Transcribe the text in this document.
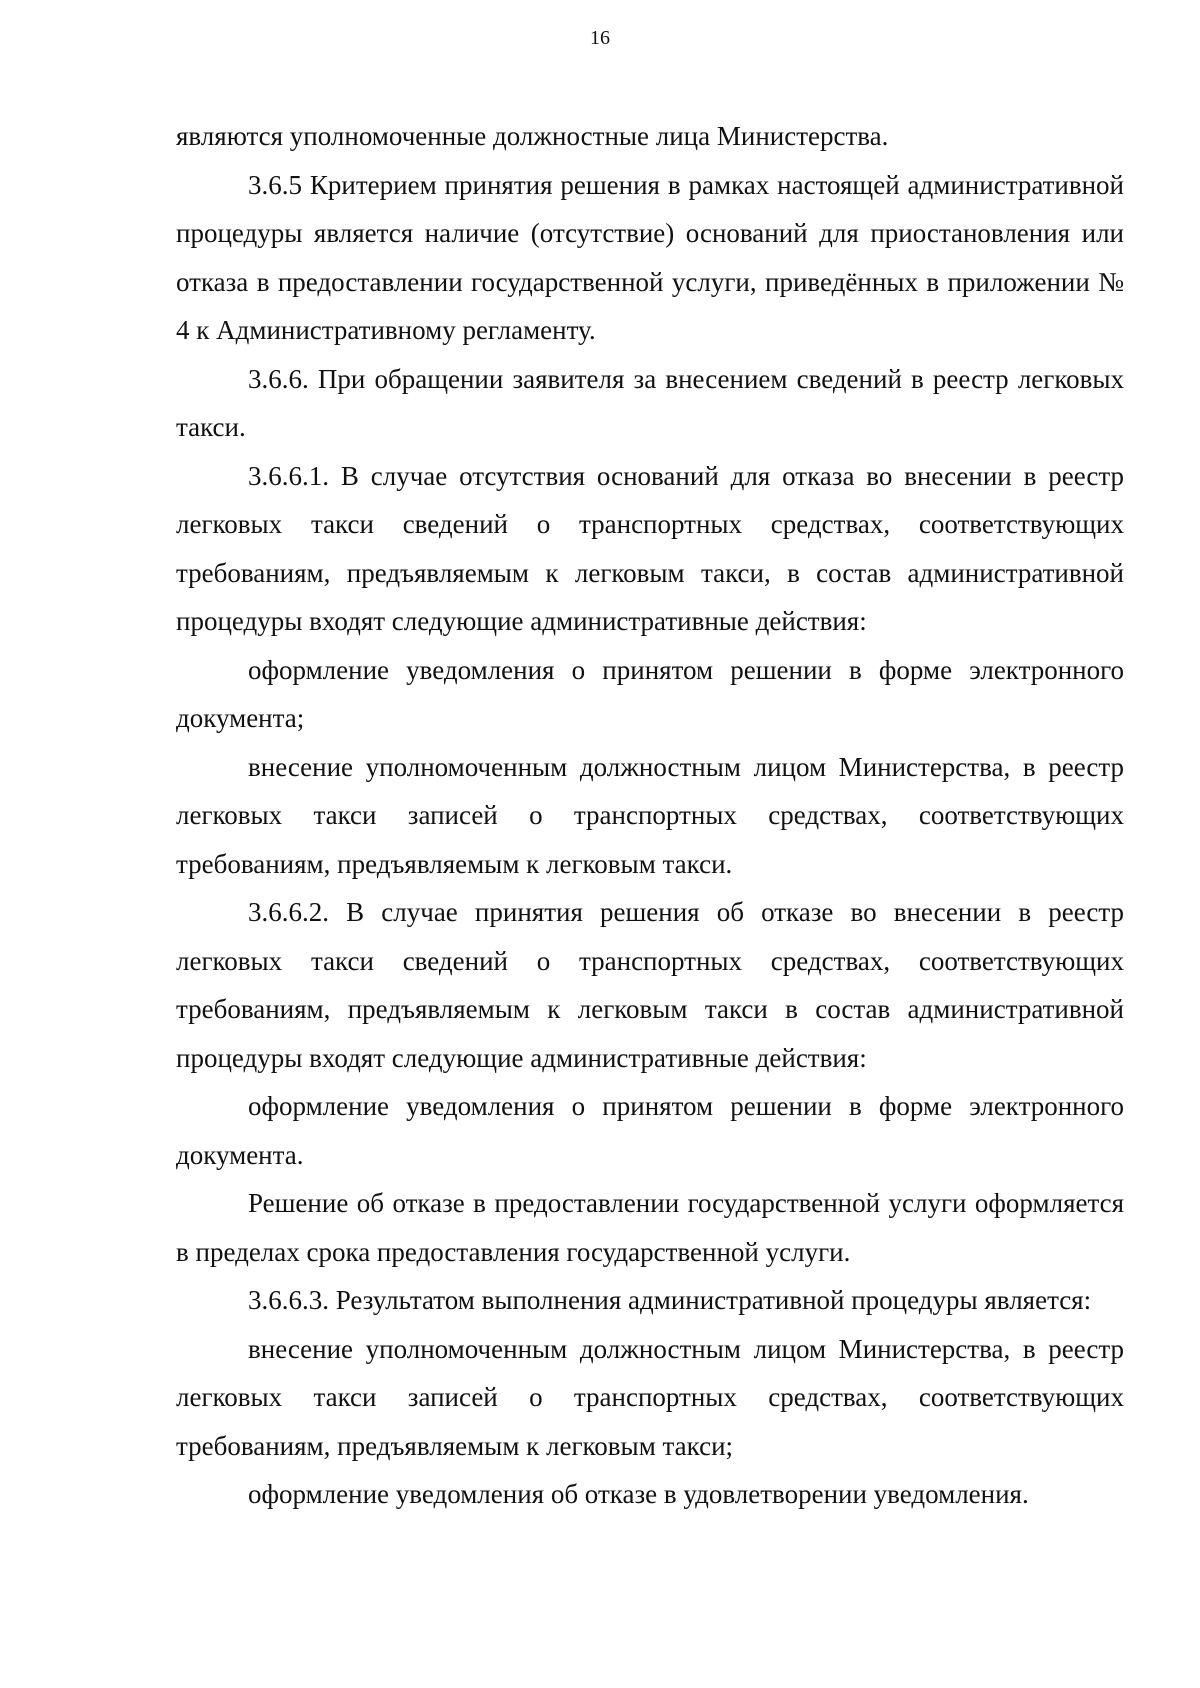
16

являются уполномоченные должностные лица Министерства.

3.6.5 Критерием принятия решения в рамках настоящей административной процедуры является наличие (отсутствие) оснований для приостановления или отказа в предоставлении государственной услуги, приведённых в приложении № 4 к Административному регламенту.

3.6.6. При обращении заявителя за внесением сведений в реестр легковых такси.

3.6.6.1. В случае отсутствия оснований для отказа во внесении в реестр легковых такси сведений о транспортных средствах, соответствующих требованиям, предъявляемым к легковым такси, в состав административной процедуры входят следующие административные действия:

оформление уведомления о принятом решении в форме электронного документа;

внесение уполномоченным должностным лицом Министерства, в реестр легковых такси записей о транспортных средствах, соответствующих требованиям, предъявляемым к легковым такси.

3.6.6.2. В случае принятия решения об отказе во внесении в реестр легковых такси сведений о транспортных средствах, соответствующих требованиям, предъявляемым к легковым такси в состав административной процедуры входят следующие административные действия:

оформление уведомления о принятом решении в форме электронного документа.

Решение об отказе в предоставлении государственной услуги оформляется в пределах срока предоставления государственной услуги.

3.6.6.3. Результатом выполнения административной процедуры является:

внесение уполномоченным должностным лицом Министерства, в реестр легковых такси записей о транспортных средствах, соответствующих требованиям, предъявляемым к легковым такси;

оформление уведомления об отказе в удовлетворении уведомления.
